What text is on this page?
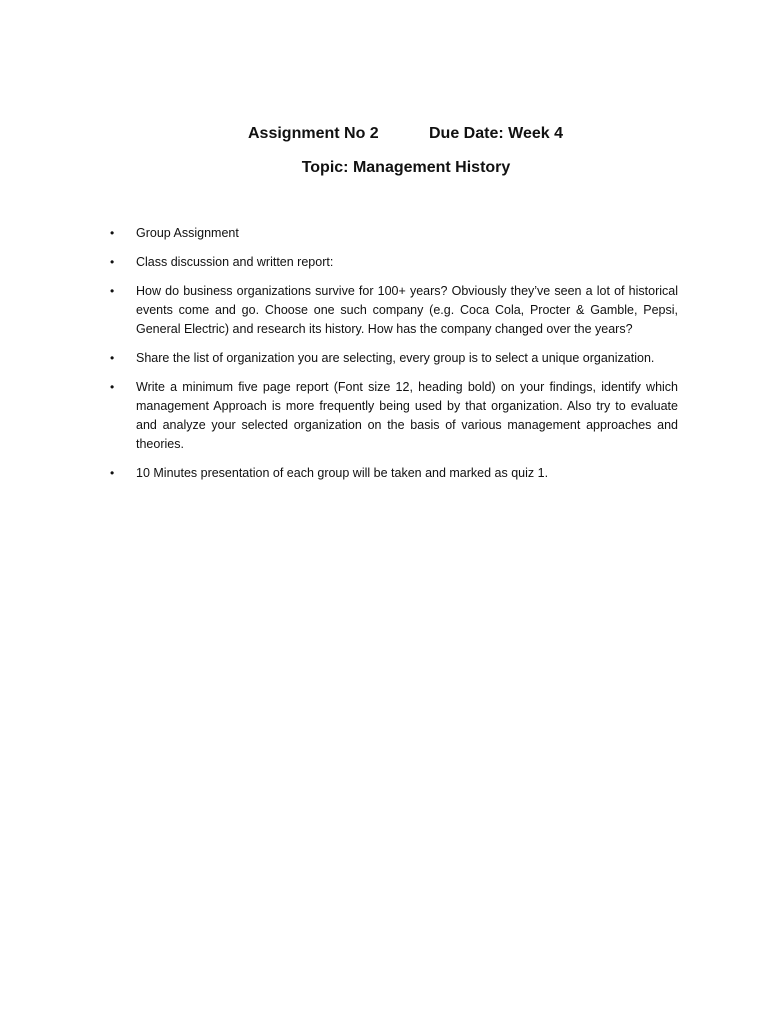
Assignment No 2	Due Date: Week 4
Topic: Management History
•	Group Assignment
•	Class discussion and written report:
•	How do business organizations survive for 100+ years? Obviously they’ve seen a lot of historical events come and go. Choose one such company (e.g. Coca Cola, Procter & Gamble, Pepsi, General Electric) and research its history. How has the company changed over the years?
•	Share the list of organization you are selecting, every group is to select a unique organization.
•	Write a minimum five page report (Font size 12, heading bold) on your findings, identify which management Approach is more frequently being used by that organization. Also try to evaluate and analyze your selected organization on the basis of various management approaches and theories.
•	10 Minutes presentation of each group will be taken and marked as quiz 1.
